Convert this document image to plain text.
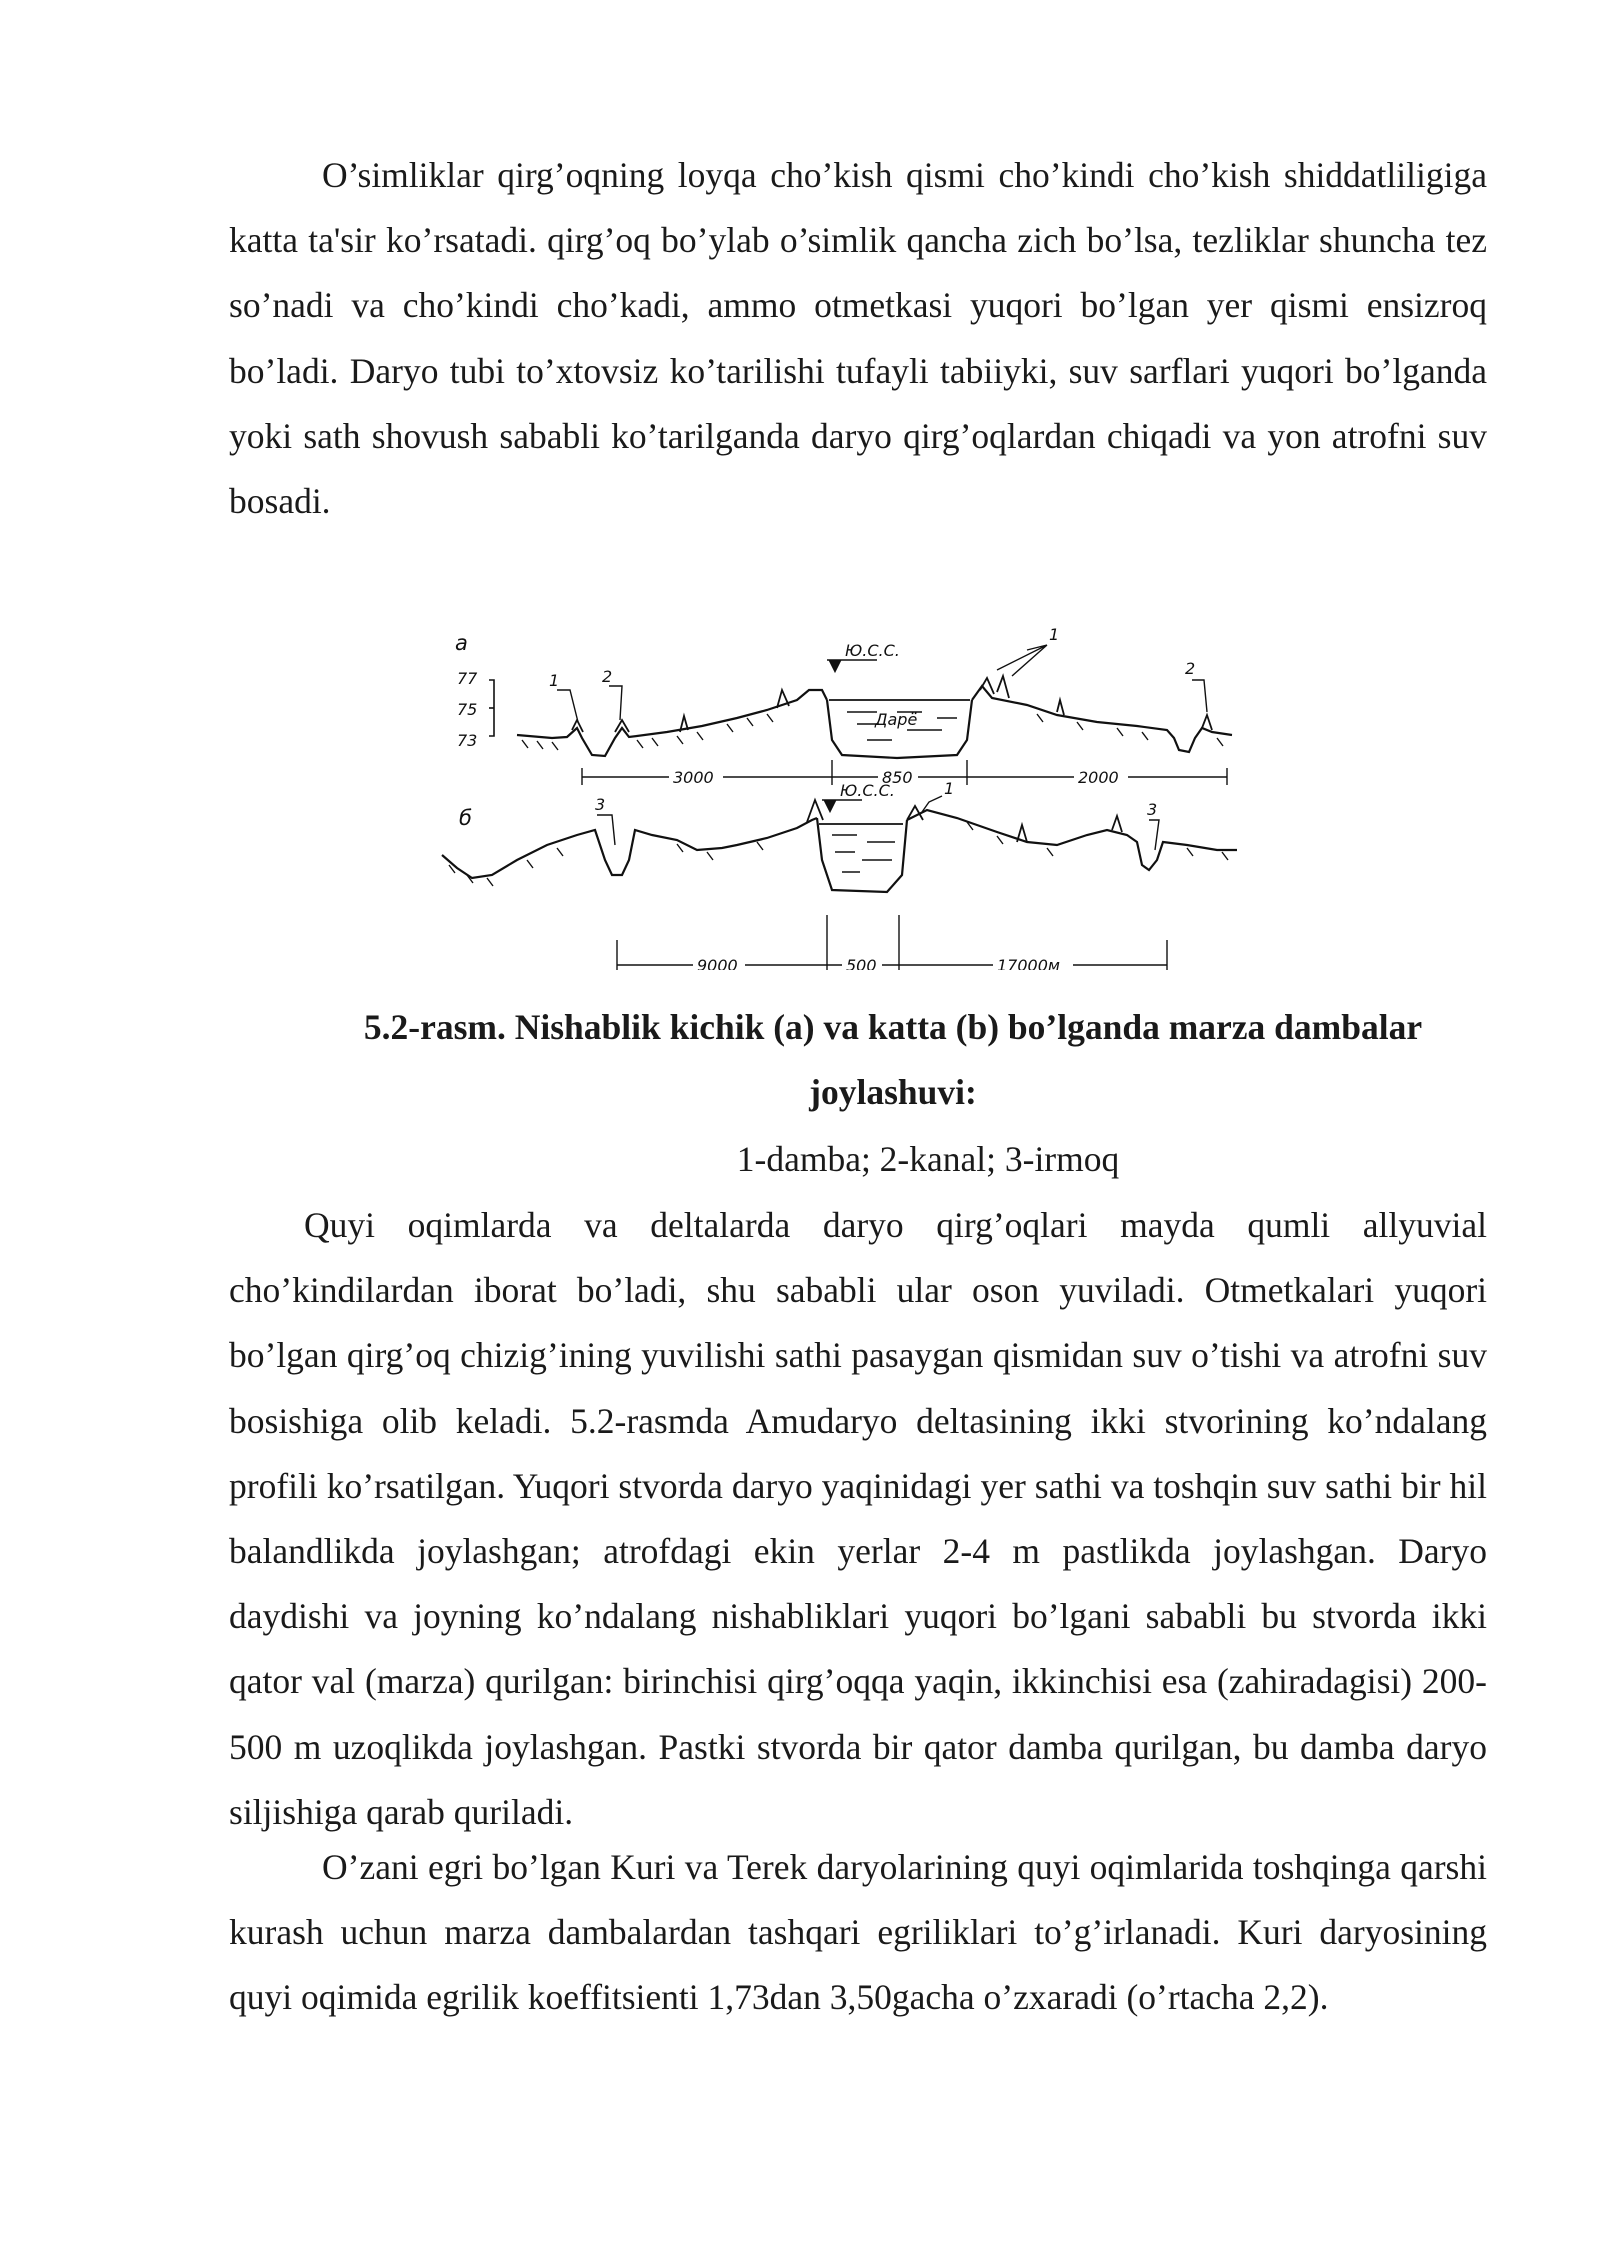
O’simliklar qirg’oqning loyqa cho’kish qismi cho’kindi cho’kish shiddatliligiga katta ta'sir ko’rsatadi. qirg’oq bo’ylab o’simlik qancha zich bo’lsa, tezliklar shuncha tez so’nadi va cho’kindi cho’kadi, ammo otmetkasi yuqori bo’lgan yer qismi ensizroq bo’ladi. Daryo tubi to’xtovsiz ko’tarilishi tufayli tabiiyki, suv sarflari yuqori bo’lganda yoki sath shovush sababli ko’tarilganda daryo qirg’oqlardan chiqadi va yon atrofni suv bosadi.

а
77
75
73
1	2
Ю.С.С.
1
2
Дарё
3000	850	2000
б
3
Ю.С.С.	1
3
9000	500	17000м

5.2-rasm. Nishablik kichik (a) va katta (b) bo’lganda marza dambalar joylashuvi:

1-damba; 2-kanal; 3-irmoq

Quyi oqimlarda va deltalarda daryo qirg’oqlari mayda qumli allyuvial cho’kindilardan iborat bo’ladi, shu sababli ular oson yuviladi. Otmetkalari yuqori bo’lgan qirg’oq chizig’ining yuvilishi sathi pasaygan qismidan suv o’tishi va atrofni suv bosishiga olib keladi. 5.2-rasmda Amudaryo deltasining ikki stvorining ko’ndalang profili ko’rsatilgan. Yuqori stvorda daryo yaqinidagi yer sathi va toshqin suv sathi bir hil balandlikda joylashgan; atrofdagi ekin yerlar 2-4 m pastlikda joylashgan. Daryo daydishi va joyning ko’ndalang nishabliklari yuqori bo’lgani sababli bu stvorda ikki qator val (marza) qurilgan: birinchisi qirg’oqqa yaqin, ikkinchisi esa (zahiradagisi) 200-500 m uzoqlikda joylashgan. Pastki stvorda bir qator damba qurilgan, bu damba daryo siljishiga qarab quriladi.

O’zani egri bo’lgan Kuri va Terek daryolarining quyi oqimlarida toshqinga qarshi kurash uchun marza dambalardan tashqari egriliklari to’g’irlanadi. Kuri daryosining quyi oqimida egrilik koeffitsienti 1,73dan 3,50gacha o’zxaradi (o’rtacha 2,2).
